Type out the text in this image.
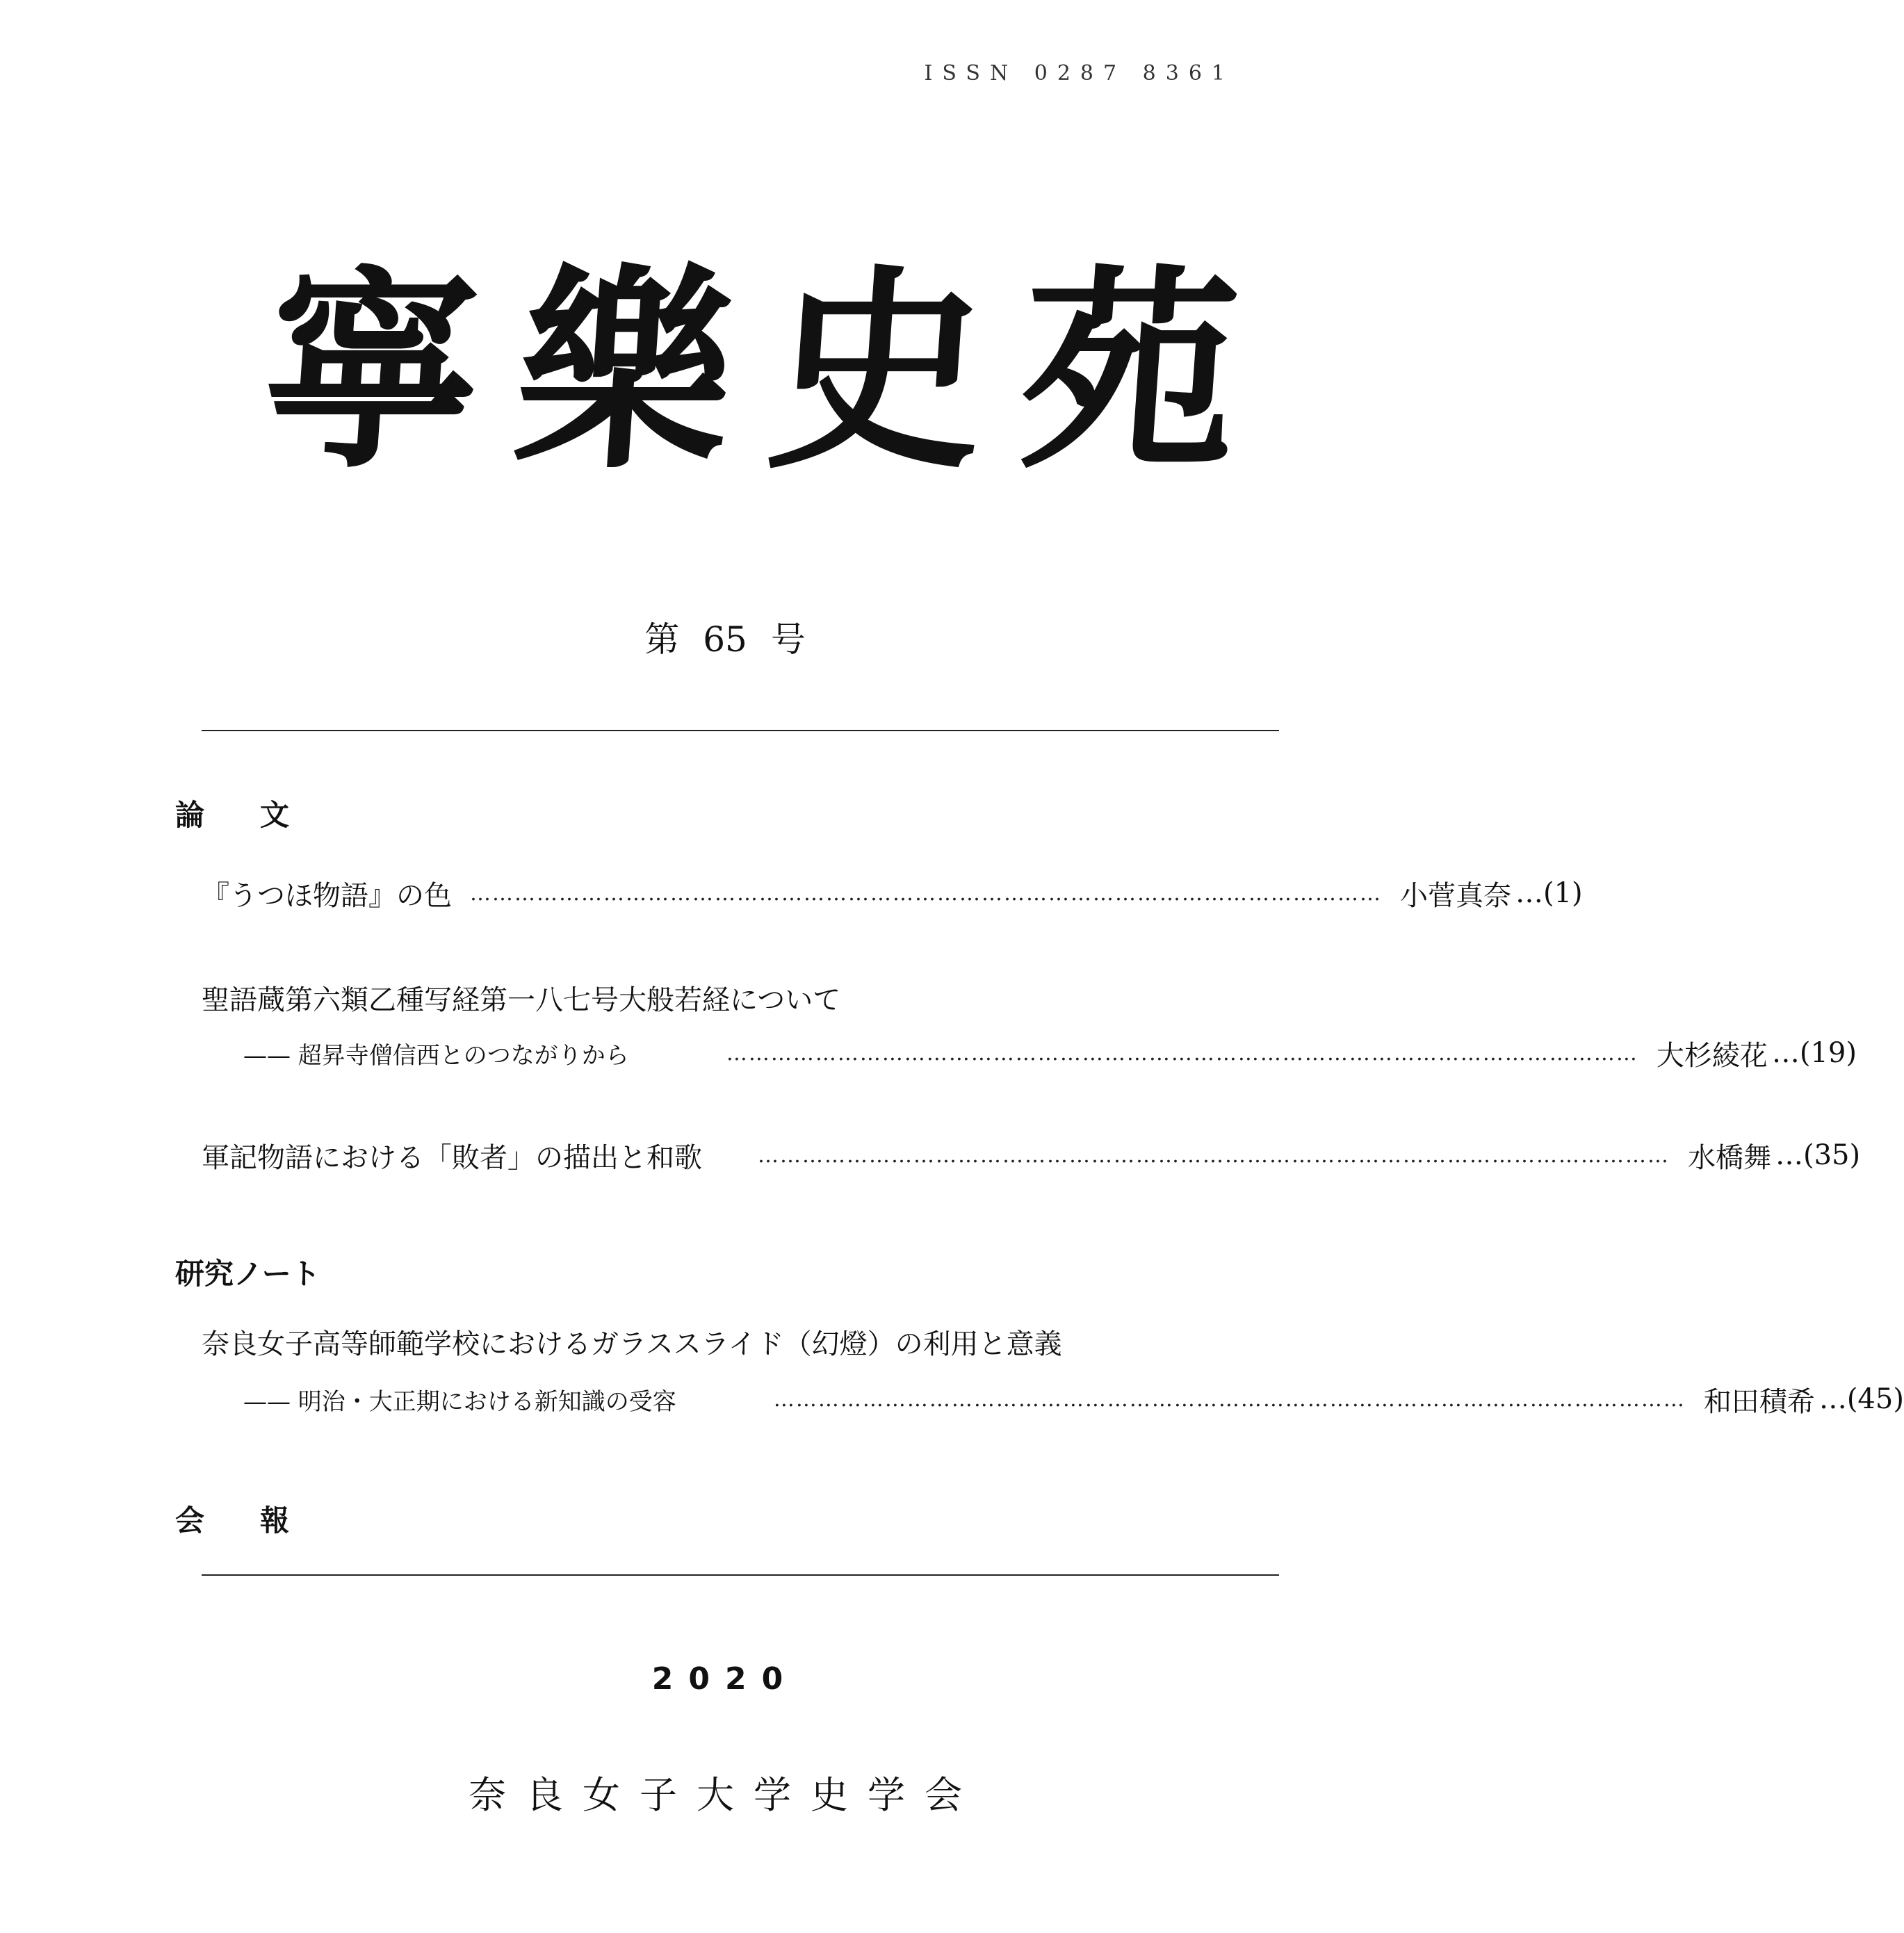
ISSN 0287 8361
寧 樂 史 苑
第 65 号
論文
『うつほ物語』の色 …………………………………………………………………………………………………………… 小菅 真奈 …(1)
聖語蔵第六類乙種写経第一八七号大般若経について
—— 超昇寺僧信西とのつながりから	…………………………………………………………………………………………………………… 大杉 綾花 …(19)
軍記物語における「敗者」の描出と和歌	…………………………………………………………………………………………………………… 水橋 舞 …(35)
研究ノート
奈良女子高等師範学校におけるガラススライド（幻燈）の利用と意義
—— 明治・大正期における新知識の受容	…………………………………………………………………………………………………………… 和田 積希 …(45)
会報
2020
奈良女子大学史学会
